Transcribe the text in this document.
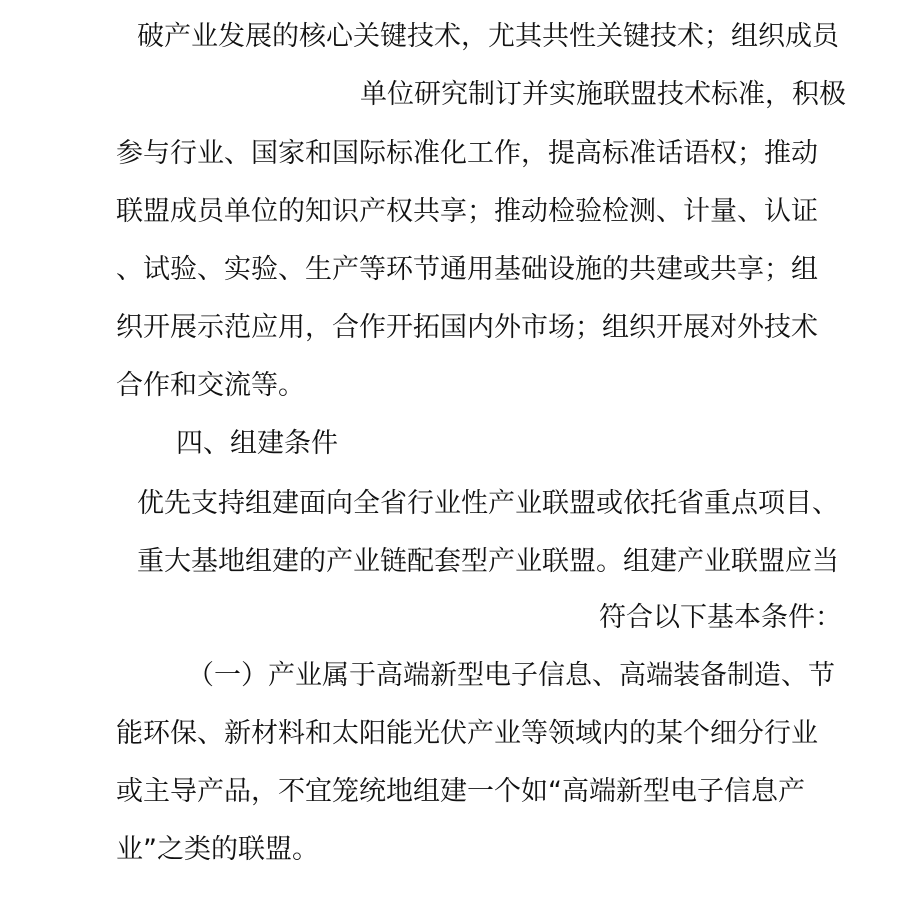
破产业发展的核心关键技术，尤其共性关键技术；组织成员
单位研究制订并实施联盟技术标准，积极
参与行业、国家和国际标准化工作，提高标准话语权；推动
联盟成员单位的知识产权共享；推动检验检测、计量、认证
、试验、实验、生产等环节通用基础设施的共建或共享；组
织开展示范应用，合作开拓国内外市场；组织开展对外技术
合作和交流等。
四、组建条件
优先支持组建面向全省行业性产业联盟或依托省重点项目、
重大基地组建的产业链配套型产业联盟。组建产业联盟应当
符合以下基本条件：
（一）产业属于高端新型电子信息、高端装备制造、节
能环保、新材料和太阳能光伏产业等领域内的某个细分行业
或主导产品，不宜笼统地组建一个如“高端新型电子信息产
业”之类的联盟。
